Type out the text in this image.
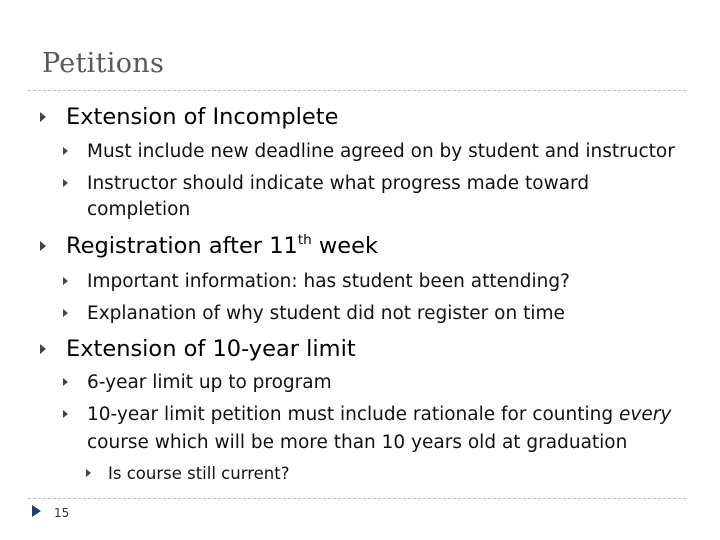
Petitions
Extension of Incomplete
Must include new deadline agreed on by student and instructor
Instructor should indicate what progress made toward
completion
Registration after 11th week
Important information: has student been attending?
Explanation of why student did not register on time
Extension of 10-year limit
6-year limit up to program
10-year limit petition must include rationale for counting every
course which will be more than 10 years old at graduation
Is course still current?
15
